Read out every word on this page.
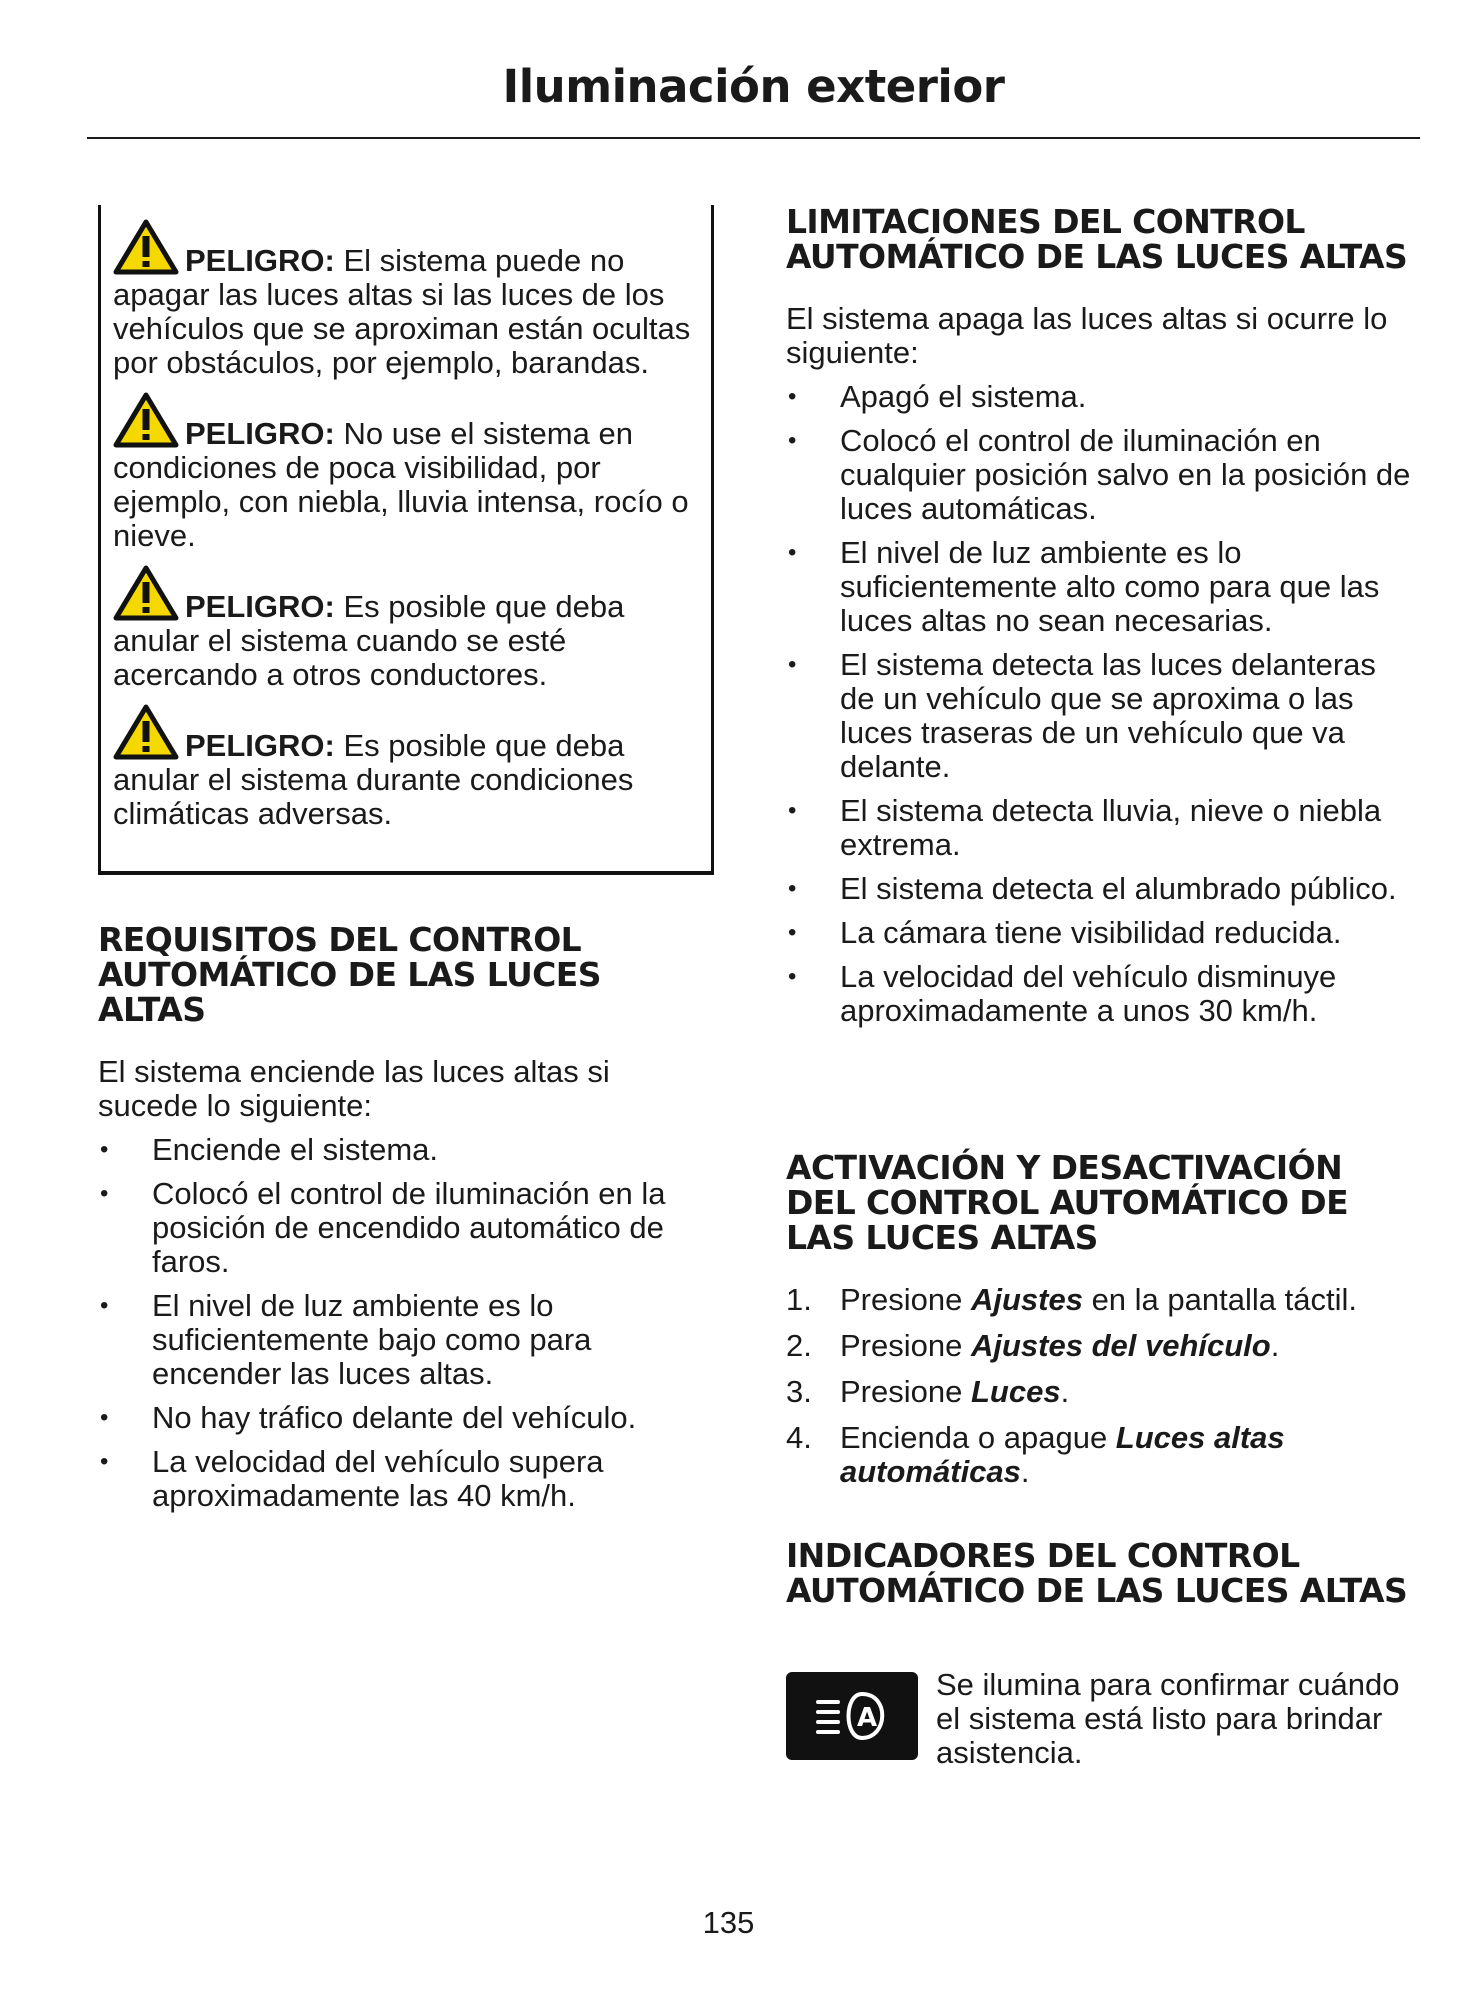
Iluminación exterior
PELIGRO: El sistema puede no apagar las luces altas si las luces de los vehículos que se aproximan están ocultas por obstáculos, por ejemplo, barandas.
PELIGRO: No use el sistema en condiciones de poca visibilidad, por ejemplo, con niebla, lluvia intensa, rocío o nieve.
PELIGRO: Es posible que deba anular el sistema cuando se esté acercando a otros conductores.
PELIGRO: Es posible que deba anular el sistema durante condiciones climáticas adversas.
REQUISITOS DEL CONTROL AUTOMÁTICO DE LAS LUCES ALTAS

El sistema enciende las luces altas si sucede lo siguiente:

• Enciende el sistema.
• Colocó el control de iluminación en la posición de encendido automático de faros.
• El nivel de luz ambiente es lo suficientemente bajo como para encender las luces altas.
• No hay tráfico delante del vehículo.
• La velocidad del vehículo supera aproximadamente las 40 km/h.
LIMITACIONES DEL CONTROL AUTOMÁTICO DE LAS LUCES ALTAS

El sistema apaga las luces altas si ocurre lo siguiente:

• Apagó el sistema.
• Colocó el control de iluminación en cualquier posición salvo en la posición de luces automáticas.
• El nivel de luz ambiente es lo suficientemente alto como para que las luces altas no sean necesarias.
• El sistema detecta las luces delanteras de un vehículo que se aproxima o las luces traseras de un vehículo que va delante.
• El sistema detecta lluvia, nieve o niebla extrema.
• El sistema detecta el alumbrado público.
• La cámara tiene visibilidad reducida.
• La velocidad del vehículo disminuye aproximadamente a unos 30 km/h.
ACTIVACIÓN Y DESACTIVACIÓN DEL CONTROL AUTOMÁTICO DE LAS LUCES ALTAS
1. Presione Ajustes en la pantalla táctil.
2. Presione Ajustes del vehículo.
3. Presione Luces.
4. Encienda o apague Luces altas automáticas.
INDICADORES DEL CONTROL AUTOMÁTICO DE LAS LUCES ALTAS
A
Se ilumina para confirmar cuándo el sistema está listo para brindar asistencia.
135
